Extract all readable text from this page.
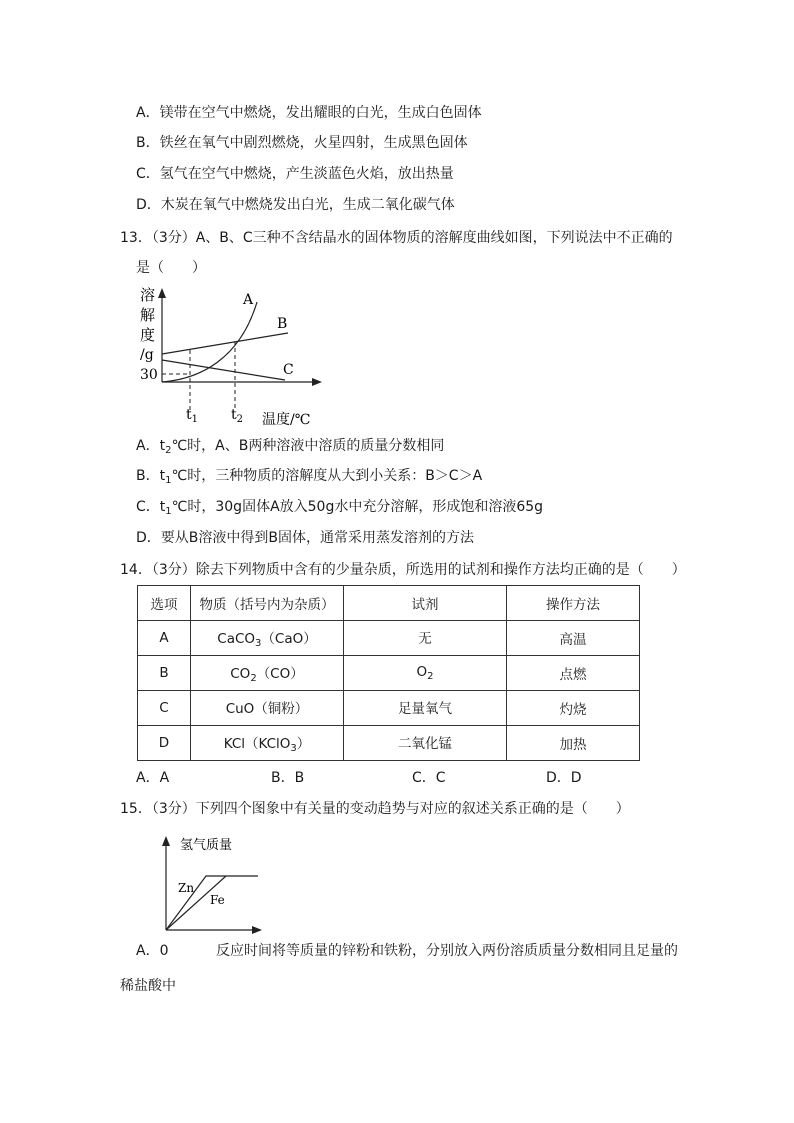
A．镁带在空气中燃烧，发出耀眼的白光，生成白色固体
B．铁丝在氧气中剧烈燃烧，火星四射，生成黑色固体
C．氢气在空气中燃烧，产生淡蓝色火焰，放出热量
D．木炭在氧气中燃烧发出白光，生成二氧化碳气体
13．（3分）A、B、C三种不含结晶水的固体物质的溶解度曲线如图，下列说法中不正确的
是（　　）
溶
解
度
/g
30
A
B
C
$t_1$ $t_2$ 温度/℃
A．$t_2℃$时，A、B两种溶液中溶质的质量分数相同
B．$t_1℃$时，三种物质的溶解度从大到小关系：B＞C＞A
C．$t_1℃$时，30g固体A放入50g水中充分溶解，形成饱和溶液65g
D．要从B溶液中得到B固体，通常采用蒸发溶剂的方法
14．（3分）除去下列物质中含有的少量杂质，所选用的试剂和操作方法均正确的是（　　）
选项	物质（括号内为杂质）	试剂	操作方法
A	CaCO$_3$（CaO）	无	高温
B	$CO_2(CO)$	$O_2$	点燃
C	CuO（铜粉）	足量氧气	灼烧
D	KCl（KClO$_3$）	二氧化锰	加热
A．A	B．B	C．C	D．D
15．（3分）下列四个图象中有关量的变动趋势与对应的叙述关系正确的是（　　）
氢气质量
Zn
Fe
A．0	反应时间将等质量的锌粉和铁粉，分别放入两份溶质质量分数相同且足量的
稀盐酸中
